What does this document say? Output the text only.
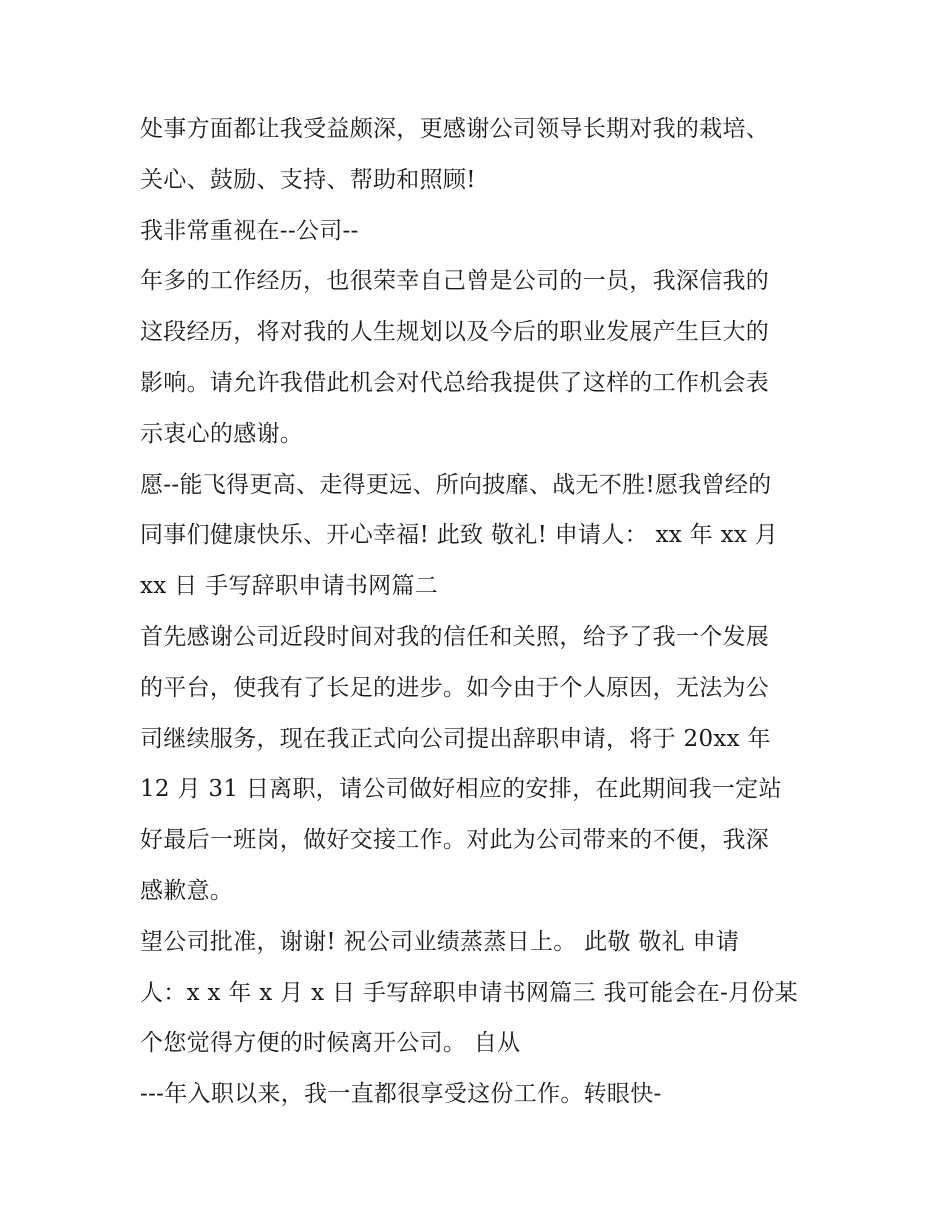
处事方面都让我受益颇深，更感谢公司领导长期对我的栽培、
关心、鼓励、支持、帮助和照顾!
我非常重视在--公司--
年多的工作经历，也很荣幸自己曾是公司的一员，我深信我的
这段经历，将对我的人生规划以及今后的职业发展产生巨大的
影响。请允许我借此机会对代总给我提供了这样的工作机会表
示衷心的感谢。
愿--能飞得更高、走得更远、所向披靡、战无不胜!愿我曾经的
同事们健康快乐、开心幸福! 此致 敬礼! 申请人： xx 年 xx 月
xx 日 手写辞职申请书网篇二
首先感谢公司近段时间对我的信任和关照，给予了我一个发展
的平台，使我有了长足的进步。如今由于个人原因，无法为公
司继续服务，现在我正式向公司提出辞职申请，将于 20xx 年
12 月 31 日离职，请公司做好相应的安排，在此期间我一定站
好最后一班岗，做好交接工作。对此为公司带来的不便，我深
感歉意。
望公司批准，谢谢! 祝公司业绩蒸蒸日上。 此敬 敬礼 申请
人：x x 年 x 月 x 日 手写辞职申请书网篇三 我可能会在-月份某
个您觉得方便的时候离开公司。 自从
---年入职以来，我一直都很享受这份工作。转眼快-
